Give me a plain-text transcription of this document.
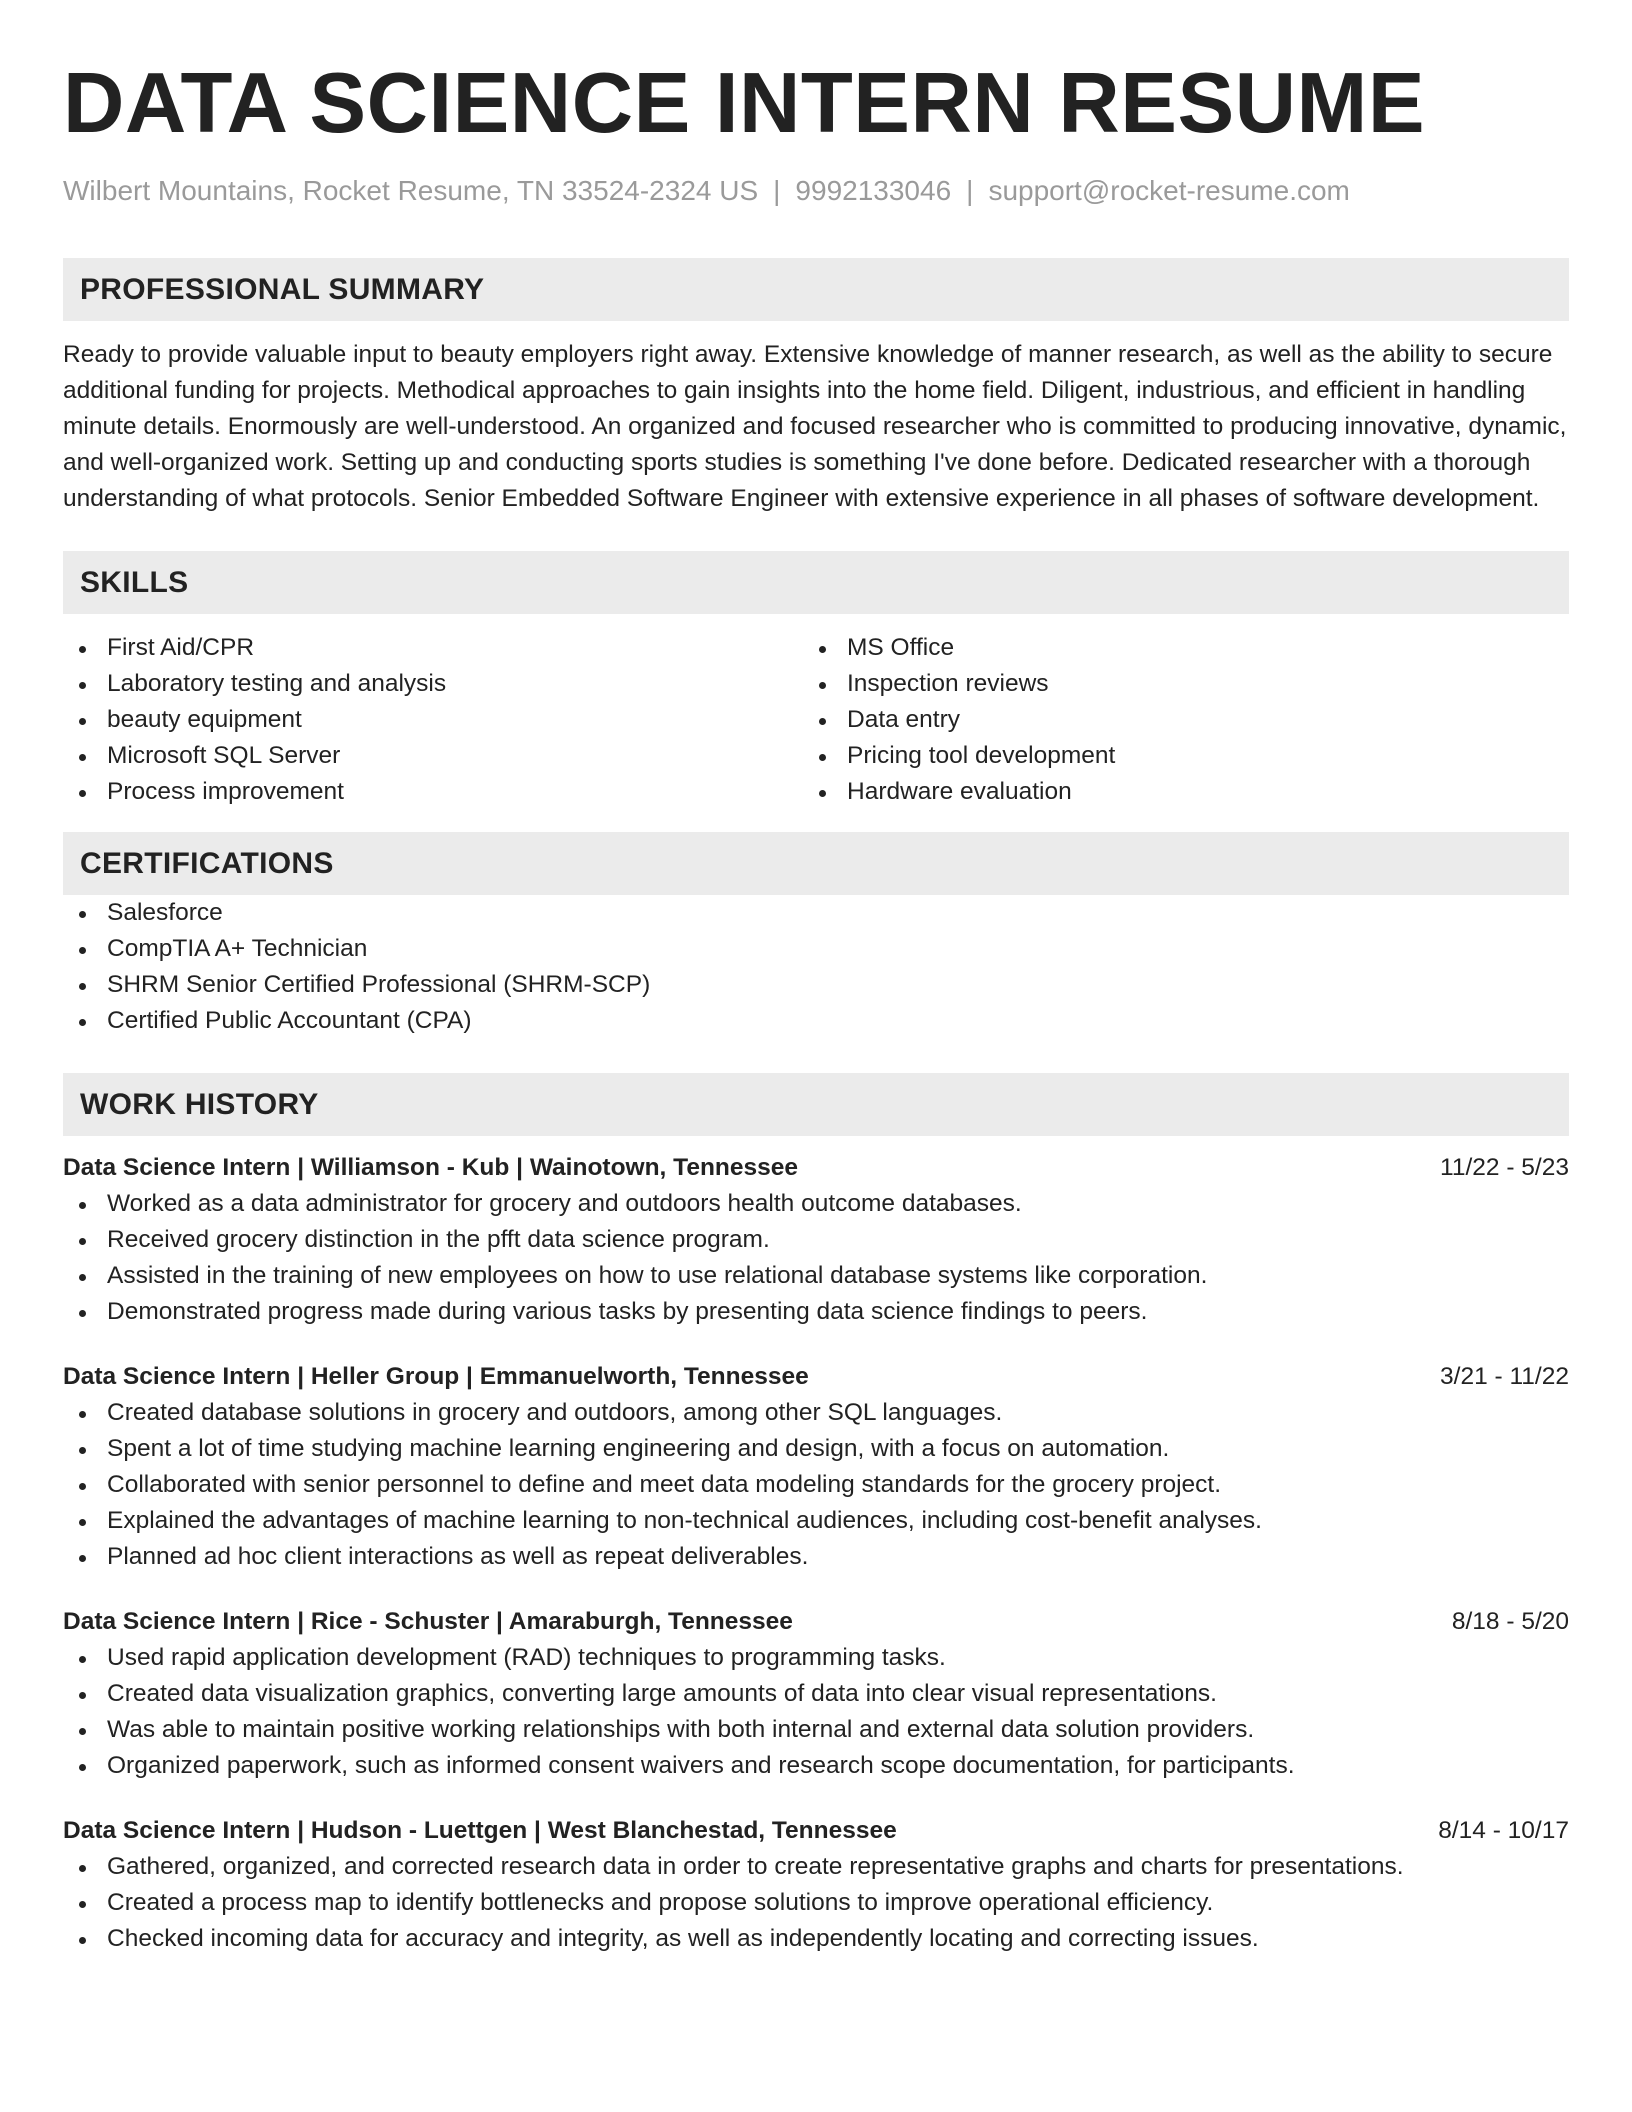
DATA SCIENCE INTERN RESUME
Wilbert Mountains, Rocket Resume, TN 33524-2324 US | 9992133046 | support@rocket-resume.com
PROFESSIONAL SUMMARY

Ready to provide valuable input to beauty employers right away. Extensive knowledge of manner research, as well as the ability to secure additional funding for projects. Methodical approaches to gain insights into the home field. Diligent, industrious, and efficient in handling minute details. Enormously are well-understood. An organized and focused researcher who is committed to producing innovative, dynamic, and well-organized work. Setting up and conducting sports studies is something I've done before. Dedicated researcher with a thorough understanding of what protocols. Senior Embedded Software Engineer with extensive experience in all phases of software development.

SKILLS
First Aid/CPR
Laboratory testing and analysis
beauty equipment
Microsoft SQL Server
Process improvement
MS Office
Inspection reviews
Data entry
Pricing tool development
Hardware evaluation
CERTIFICATIONS
Salesforce
CompTIA A+ Technician
SHRM Senior Certified Professional (SHRM-SCP)
Certified Public Accountant (CPA)
WORK HISTORY
Data Science Intern | Williamson - Kub | Wainotown, Tennessee	11/22 - 5/23
Worked as a data administrator for grocery and outdoors health outcome databases.
Received grocery distinction in the pfft data science program.
Assisted in the training of new employees on how to use relational database systems like corporation.
Demonstrated progress made during various tasks by presenting data science findings to peers.
Data Science Intern | Heller Group | Emmanuelworth, Tennessee	3/21 - 11/22
Created database solutions in grocery and outdoors, among other SQL languages.
Spent a lot of time studying machine learning engineering and design, with a focus on automation.
Collaborated with senior personnel to define and meet data modeling standards for the grocery project.
Explained the advantages of machine learning to non-technical audiences, including cost-benefit analyses.
Planned ad hoc client interactions as well as repeat deliverables.
Data Science Intern | Rice - Schuster | Amaraburgh, Tennessee	8/18 - 5/20
Used rapid application development (RAD) techniques to programming tasks.
Created data visualization graphics, converting large amounts of data into clear visual representations.
Was able to maintain positive working relationships with both internal and external data solution providers.
Organized paperwork, such as informed consent waivers and research scope documentation, for participants.
Data Science Intern | Hudson - Luettgen | West Blanchestad, Tennessee	8/14 - 10/17
Gathered, organized, and corrected research data in order to create representative graphs and charts for presentations.
Created a process map to identify bottlenecks and propose solutions to improve operational efficiency.
Checked incoming data for accuracy and integrity, as well as independently locating and correcting issues.
